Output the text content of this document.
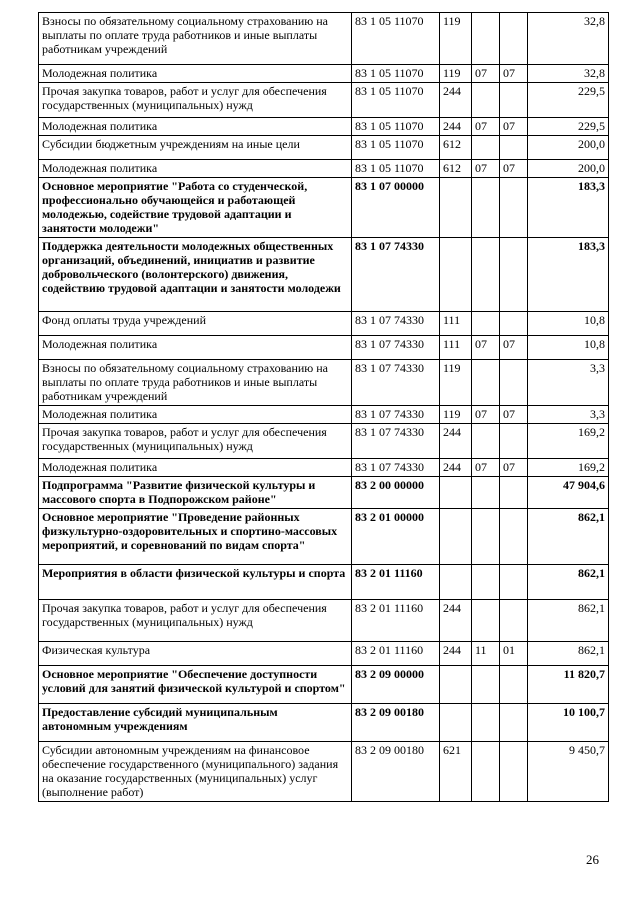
Взносы по обязательному социальному страхованию на выплаты по оплате труда работников и иные выплаты работникам учреждений	83 1 05 11070	119			32,8
Молодежная политика	83 1 05 11070	119	07	07	32,8
Прочая закупка товаров, работ и услуг для обеспечения государственных (муниципальных) нужд	83 1 05 11070	244			229,5
Молодежная политика	83 1 05 11070	244	07	07	229,5
Субсидии бюджетным учреждениям на иные цели	83 1 05 11070	612			200,0
Молодежная политика	83 1 05 11070	612	07	07	200,0
Основное мероприятие "Работа со студенческой, профессионально обучающейся и работающей молодежью, содействие трудовой адаптации и занятости молодежи"	83 1 07 00000				183,3
Поддержка деятельности молодежных общественных организаций, объединений, инициатив и развитие добровольческого (волонтерского) движения, содействию трудовой адаптации и занятости молодежи	83 1 07 74330				183,3
Фонд оплаты труда учреждений	83 1 07 74330	111			10,8
Молодежная политика	83 1 07 74330	111	07	07	10,8
Взносы по обязательному социальному страхованию на выплаты по оплате труда работников и иные выплаты работникам учреждений	83 1 07 74330	119			3,3
Молодежная политика	83 1 07 74330	119	07	07	3,3
Прочая закупка товаров, работ и услуг для обеспечения государственных (муниципальных) нужд	83 1 07 74330	244			169,2
Молодежная политика	83 1 07 74330	244	07	07	169,2
Подпрограмма "Развитие физической культуры и массового спорта в Подпорожском районе"	83 2 00 00000				47 904,6
Основное мероприятие "Проведение районных физкультурно-оздоровительных и спортино-массовых мероприятий, и соревнований по видам спорта"	83 2 01 00000				862,1
Мероприятия в области физической культуры и спорта	83 2 01 11160				862,1
Прочая закупка товаров, работ и услуг для обеспечения государственных (муниципальных) нужд	83 2 01 11160	244			862,1
Физическая культура	83 2 01 11160	244	11	01	862,1
Основное мероприятие "Обеспечение доступности условий для занятий физической культурой и спортом"	83 2 09 00000				11 820,7
Предоставление субсидий муниципальным автономным учреждениям	83 2 09 00180				10 100,7
Субсидии автономным учреждениям на финансовое обеспечение государственного (муниципального) задания на оказание государственных (муниципальных) услуг (выполнение работ)	83 2 09 00180	621			9 450,7
26
